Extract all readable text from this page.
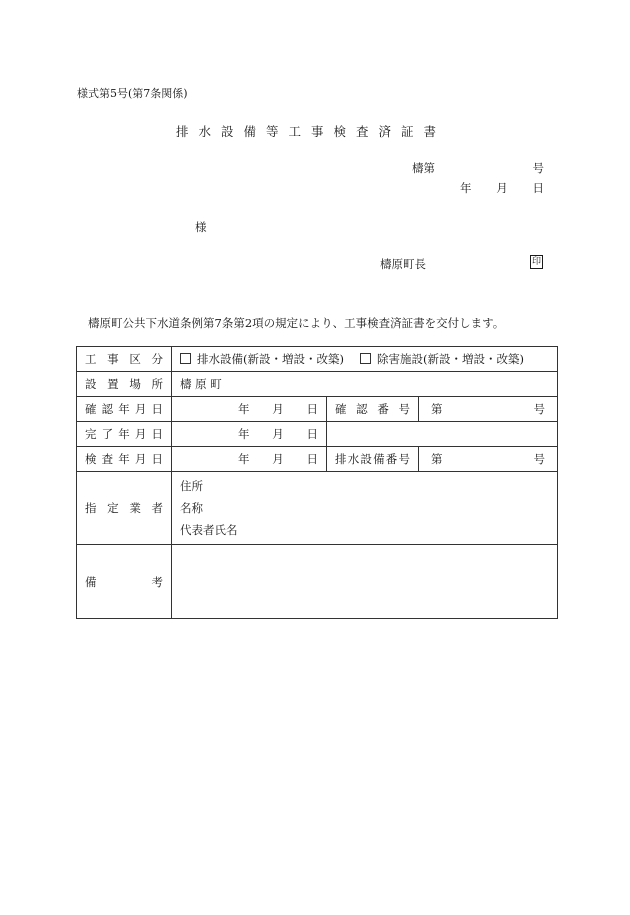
様式第5号(第7条関係)
排水設備等工事検査済証書
檮第	号
年 月 日
様
檮原町長	印
檮原町公共下水道条例第7条第2項の規定により、工事検査済証書を交付します。
工事区分	排水設備(新設・増設・改築) 除害施設(新設・増設・改築)		

設置場所	檮 原 町		

確認年月日	年 月 日	確認番号	第 号

完了年月日	年 月 日		

検査年月日	年 月 日	排水設備番号	第 号

指定業者	住所
名称
代表者氏名		

備考			
